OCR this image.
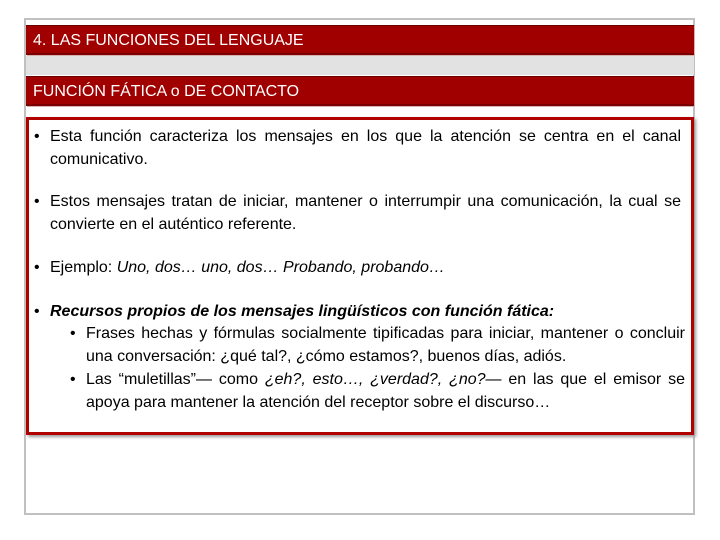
4. LAS FUNCIONES DEL LENGUAJE
FUNCIÓN FÁTICA o DE CONTACTO
• Esta función caracteriza los mensajes en los que la atención se centra en el canal comunicativo.
• Estos mensajes tratan de iniciar, mantener o interrumpir una comunicación, la cual se convierte en el auténtico referente.
• Ejemplo: Uno, dos… uno, dos… Probando, probando…
• Recursos propios de los mensajes lingüísticos con función fática:
• Frases hechas y fórmulas socialmente tipificadas para iniciar, mantener o concluir una conversación: ¿qué tal?, ¿cómo estamos?, buenos días, adiós.
• Las “muletillas”— como ¿eh?, esto…, ¿verdad?, ¿no?— en las que el emisor se apoya para mantener la atención del receptor sobre el discurso…
